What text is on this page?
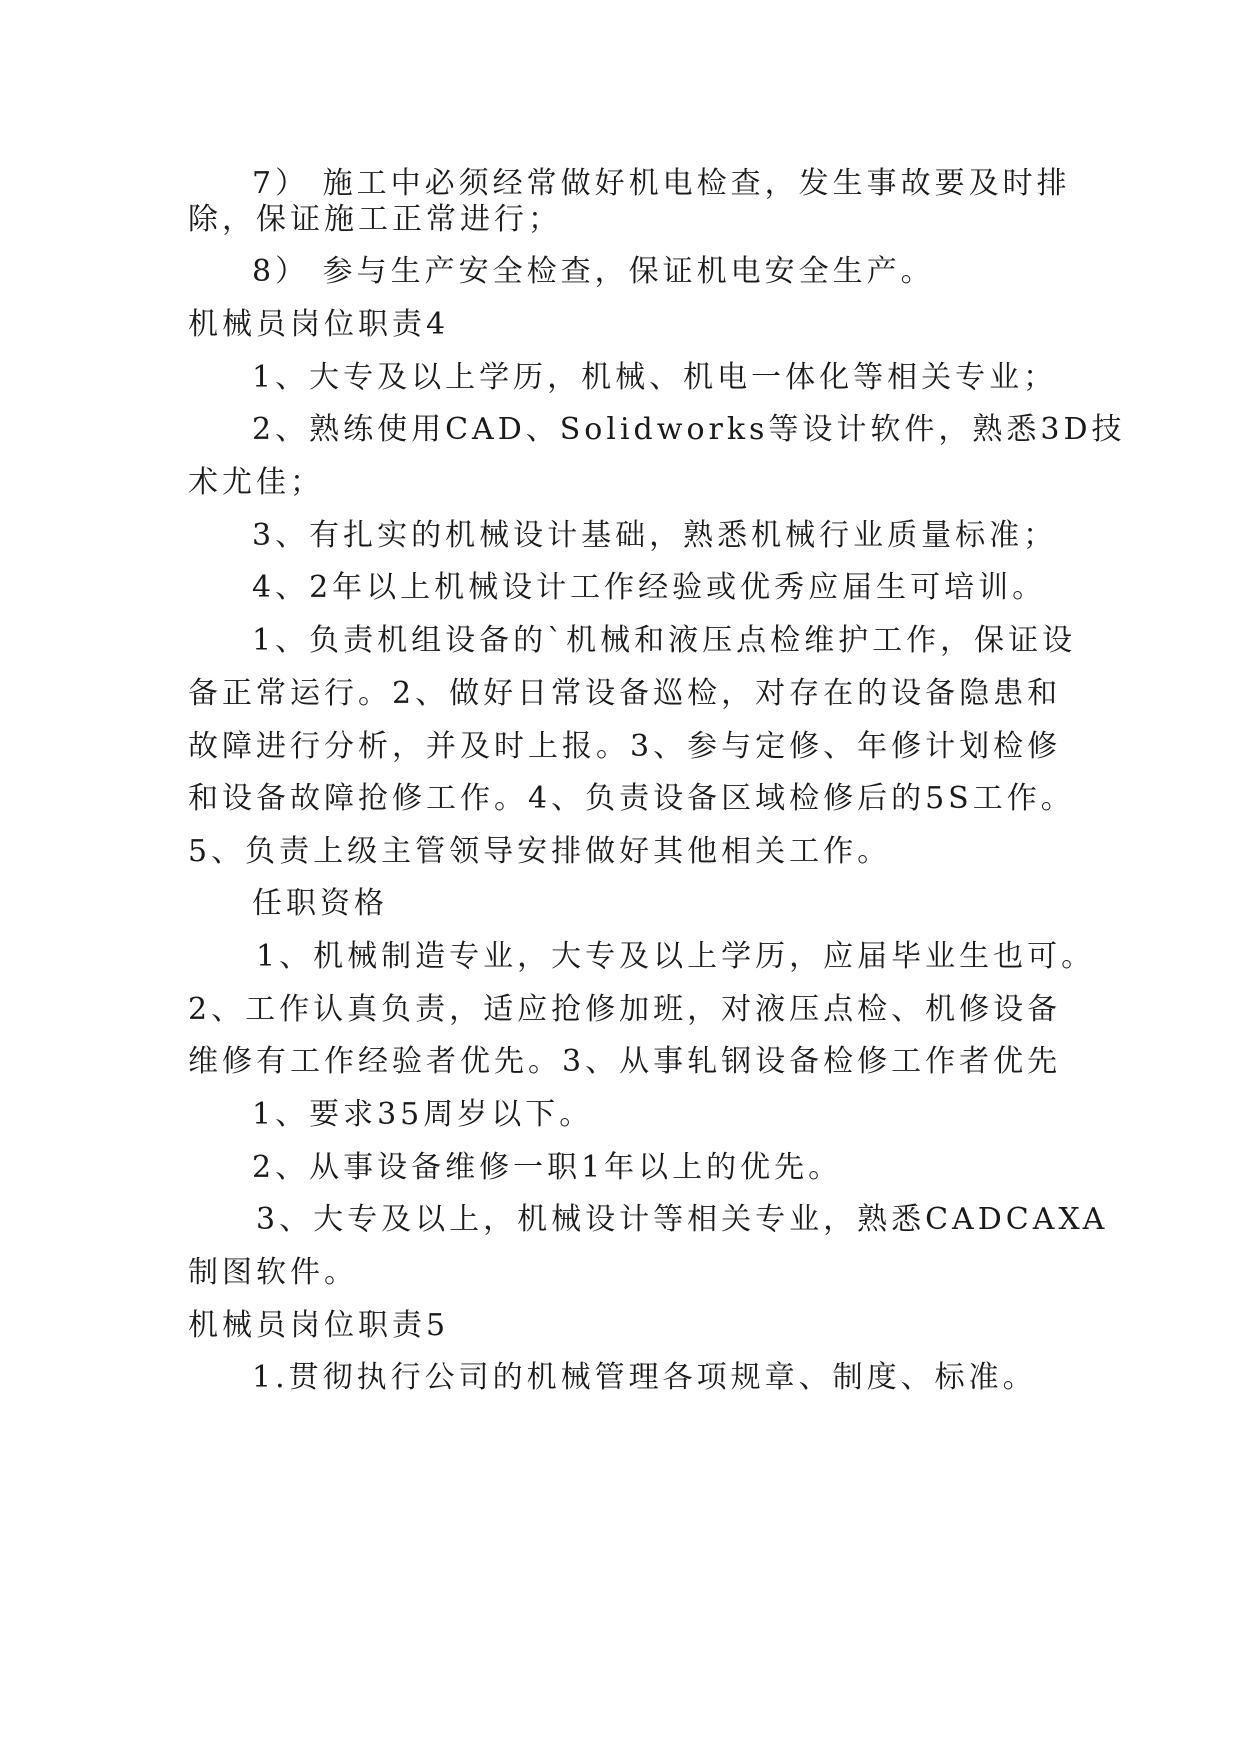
7） 施工中必须经常做好机电检查，发生事故要及时排
除，保证施工正常进行；
8） 参与生产安全检查，保证机电安全生产。
机械员岗位职责4
1、大专及以上学历，机械、机电一体化等相关专业；
2、熟练使用CAD、Solidworks等设计软件，熟悉3D技
术尤佳；
3、有扎实的机械设计基础，熟悉机械行业质量标准；
4、2年以上机械设计工作经验或优秀应届生可培训。
1、负责机组设备的`机械和液压点检维护工作，保证设
备正常运行。2、做好日常设备巡检，对存在的设备隐患和
故障进行分析，并及时上报。3、参与定修、年修计划检修
和设备故障抢修工作。4、负责设备区域检修后的5S工作。
5、负责上级主管领导安排做好其他相关工作。
任职资格
1、机械制造专业，大专及以上学历，应届毕业生也可。
2、工作认真负责，适应抢修加班，对液压点检、机修设备
维修有工作经验者优先。3、从事轧钢设备检修工作者优先
1、要求35周岁以下。
2、从事设备维修一职1年以上的优先。
3、大专及以上，机械设计等相关专业，熟悉CADCAXA
制图软件。
机械员岗位职责5
1.贯彻执行公司的机械管理各项规章、制度、标准。
